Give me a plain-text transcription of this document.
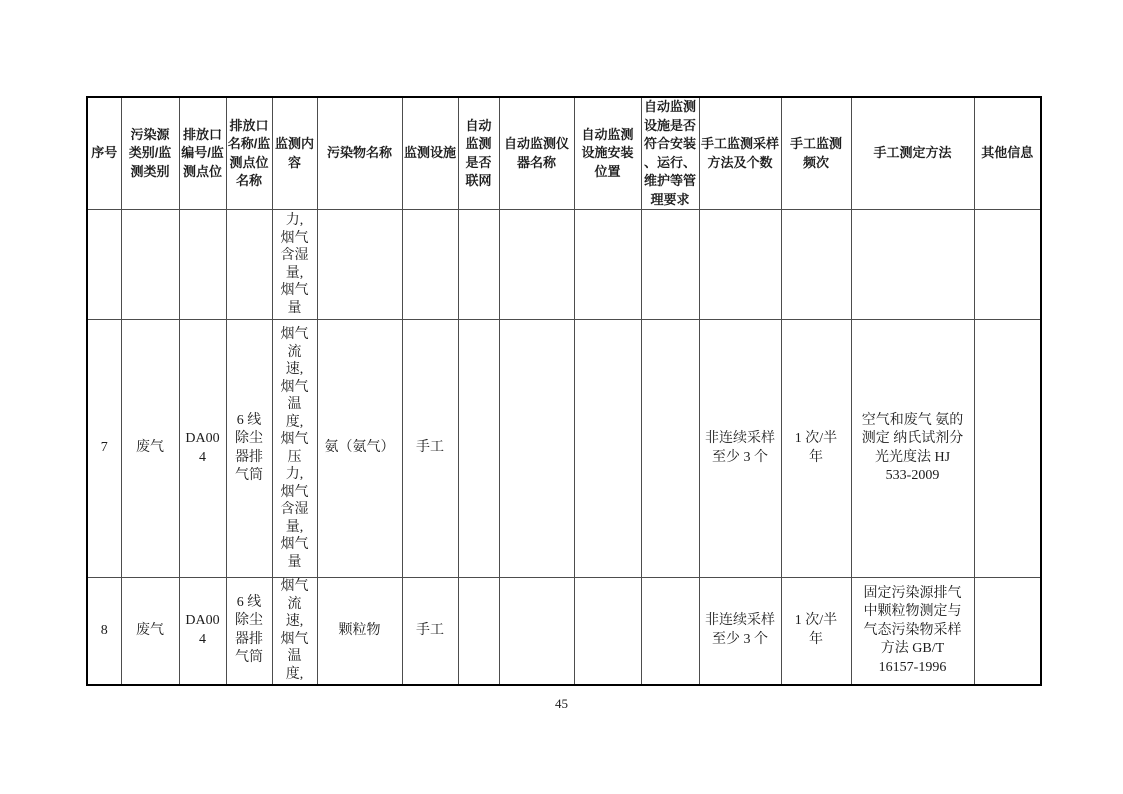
序号	污染源类别/监测类别	排放口编号/监测点位	排放口名称/监测点位名称	监测内容	污染物名称	监测设施	自动监测是否联网	自动监测仪器名称	自动监测设施安装位置	自动监测设施是否符合安装、运行、维护等管理要求	手工监测采样方法及个数	手工监测频次	手工测定方法	其他信息
				力,烟气含湿量,烟气量										
7	废气	DA004	6 线除尘器排气筒	烟气流速,烟气温度,烟气压力,烟气含湿量,烟气量	氨（氨气）	手工					非连续采样至少 3 个	1 次/半年	空气和废气 氨的测定 纳氏试剂分光光度法 HJ 533-2009	
8	废气	DA004	6 线除尘器排气筒	烟气流速,烟气温度,	颗粒物	手工					非连续采样至少 3 个	1 次/半年	固定污染源排气中颗粒物测定与气态污染物采样方法 GB/T 16157-1996	
45
